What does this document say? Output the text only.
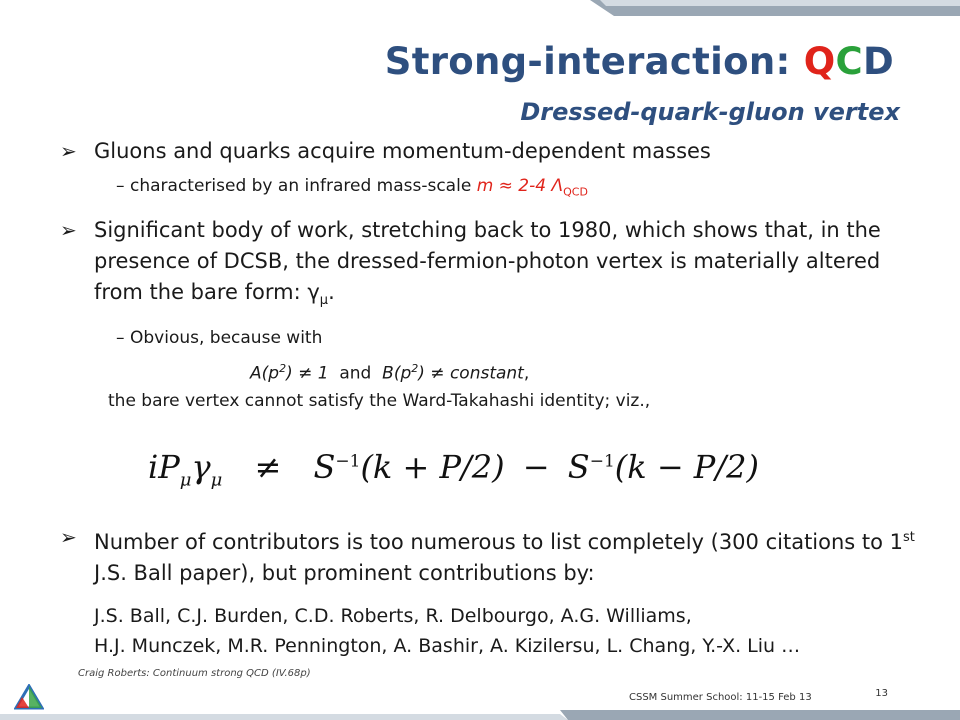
Strong-interaction: QCD
Dressed-quark-gluon vertex
➢ Gluons and quarks acquire momentum-dependent masses
– characterised by an infrared mass-scale m ≈ 2-4 $\Lambda_{QCD}$
➢ Significant body of work, stretching back to 1980, which shows that, in the presence of DCSB, the dressed-fermion-photon vertex is materially altered from the bare form: $\gamma_\mu$.
– Obvious, because with
$A(p^2) \ne 1$  and  $B(p^2)$ ≠ constant,
the bare vertex cannot satisfy the Ward-Takahashi identity; viz.,
$iP_\mu\gamma_\mu \ne S^{-1}(k + P/2) - S^{-1}(k - P/2)$
➢ Number of contributors is too numerous to list completely (300 citations to 1st J.S. Ball paper), but prominent contributions by:
J.S. Ball, C.J. Burden, C.D. Roberts, R. Delbourgo, A.G. Williams,
H.J. Munczek, M.R. Pennington, A. Bashir, A. Kizilersu, L. Chang, Y.-X. Liu …
Craig Roberts: Continuum strong QCD (IV.68p)
CSSM Summer School: 11-15 Feb 13	13
